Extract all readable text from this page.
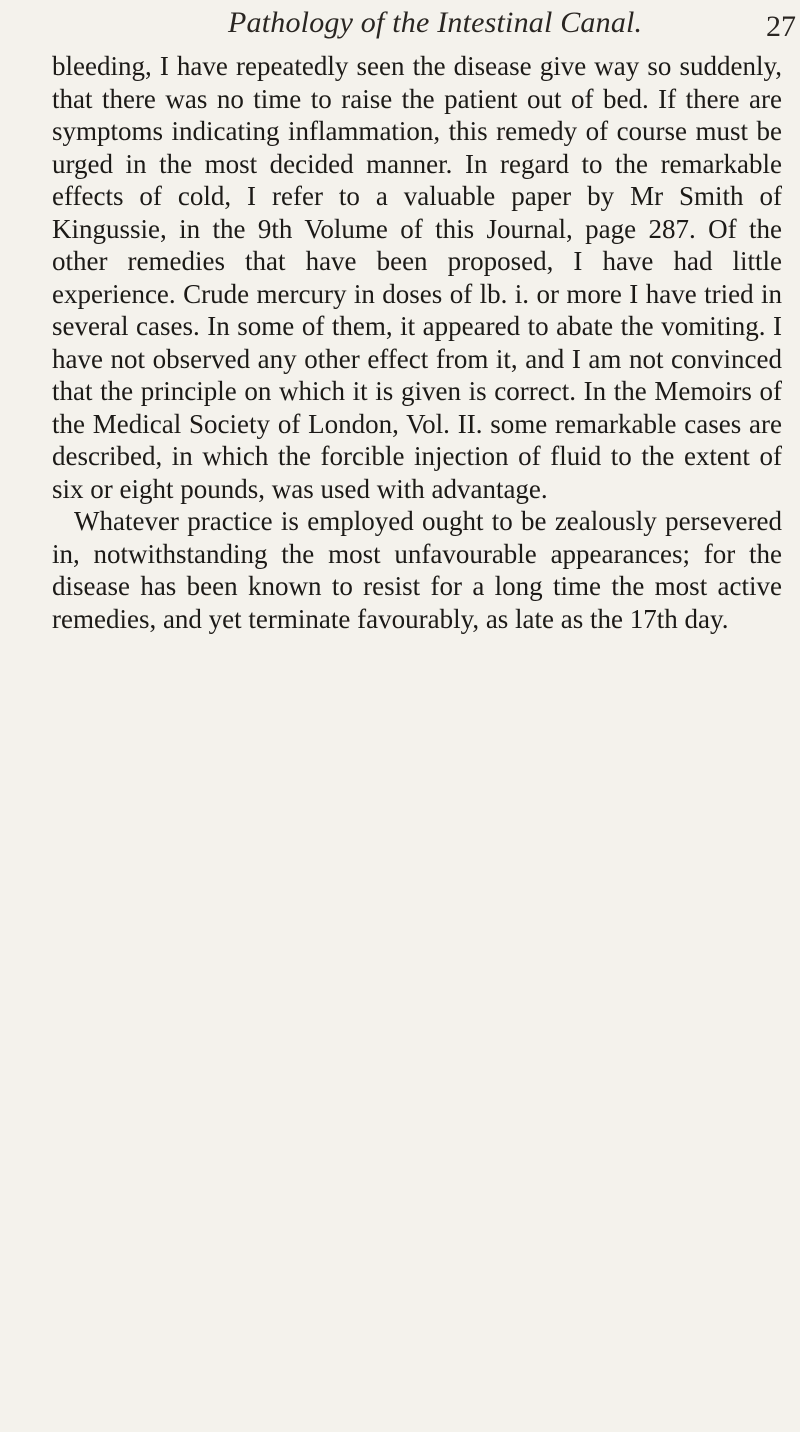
Pathology of the Intestinal Canal.	27

bleeding, I have repeatedly seen the disease give way so suddenly, that there was no time to raise the patient out of bed. If there are symptoms indicating inflammation, this remedy of course must be urged in the most decided manner. In regard to the remarkable effects of cold, I refer to a valuable paper by Mr Smith of Kingussie, in the 9th Volume of this Journal, page 287. Of the other remedies that have been proposed, I have had little experience. Crude mercury in doses of lb. i. or more I have tried in several cases. In some of them, it appeared to abate the vomiting. I have not observed any other effect from it, and I am not convinced that the principle on which it is given is correct. In the Memoirs of the Medical Society of London, Vol. II. some remarkable cases are described, in which the forcible injection of fluid to the extent of six or eight pounds, was used with advantage.

Whatever practice is employed ought to be zealously persevered in, notwithstanding the most unfavourable appearances; for the disease has been known to resist for a long time the most active remedies, and yet terminate favourably, as late as the 17th day.
